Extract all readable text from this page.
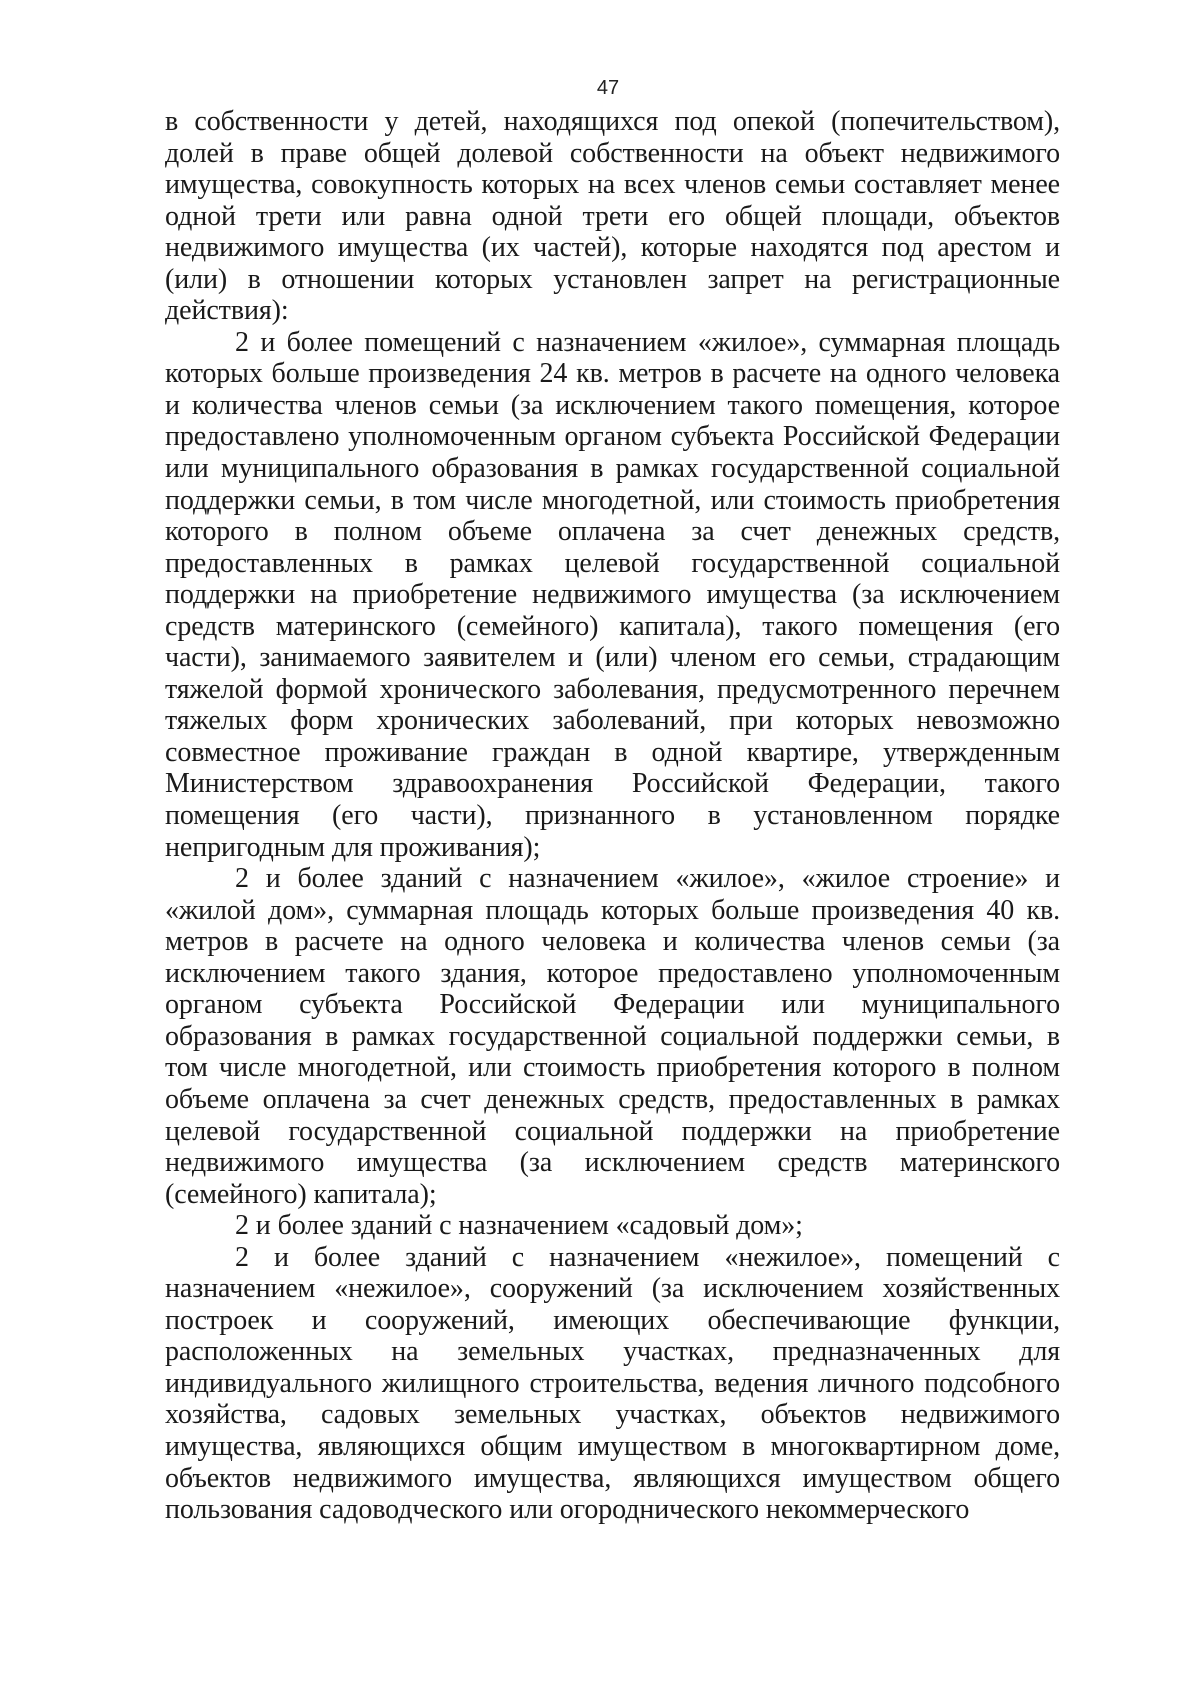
47

в собственности у детей, находящихся под опекой (попечительством), долей в праве общей долевой собственности на объект недвижимого имущества, совокупность которых на всех членов семьи составляет менее одной трети или равна одной трети его общей площади, объектов недвижимого имущества (их частей), которые находятся под арестом и (или) в отношении которых установлен запрет на регистрационные действия):

2 и более помещений с назначением «жилое», суммарная площадь которых больше произведения 24 кв. метров в расчете на одного человека и количества членов семьи (за исключением такого помещения, которое предоставлено уполномоченным органом субъекта Российской Федерации или муниципального образования в рамках государственной социальной поддержки семьи, в том числе многодетной, или стоимость приобретения которого в полном объеме оплачена за счет денежных средств, предоставленных в рамках целевой государственной социальной поддержки на приобретение недвижимого имущества (за исключением средств материнского (семейного) капитала), такого помещения (его части), занимаемого заявителем и (или) членом его семьи, страдающим тяжелой формой хронического заболевания, предусмотренного перечнем тяжелых форм хронических заболеваний, при которых невозможно совместное проживание граждан в одной квартире, утвержденным Министерством здравоохранения Российской Федерации, такого помещения (его части), признанного в установленном порядке непригодным для проживания);

2 и более зданий с назначением «жилое», «жилое строение» и «жилой дом», суммарная площадь которых больше произведения 40 кв. метров в расчете на одного человека и количества членов семьи (за исключением такого здания, которое предоставлено уполномоченным органом субъекта Российской Федерации или муниципального образования в рамках государственной социальной поддержки семьи, в том числе многодетной, или стоимость приобретения которого в полном объеме оплачена за счет денежных средств, предоставленных в рамках целевой государственной социальной поддержки на приобретение недвижимого имущества (за исключением средств материнского (семейного) капитала);

2 и более зданий с назначением «садовый дом»;

2 и более зданий с назначением «нежилое», помещений с назначением «нежилое», сооружений (за исключением хозяйственных построек и сооружений, имеющих обеспечивающие функции, расположенных на земельных участках, предназначенных для индивидуального жилищного строительства, ведения личного подсобного хозяйства, садовых земельных участках, объектов недвижимого имущества, являющихся общим имуществом в многоквартирном доме, объектов недвижимого имущества, являющихся имуществом общего пользования садоводческого или огороднического некоммерческого
